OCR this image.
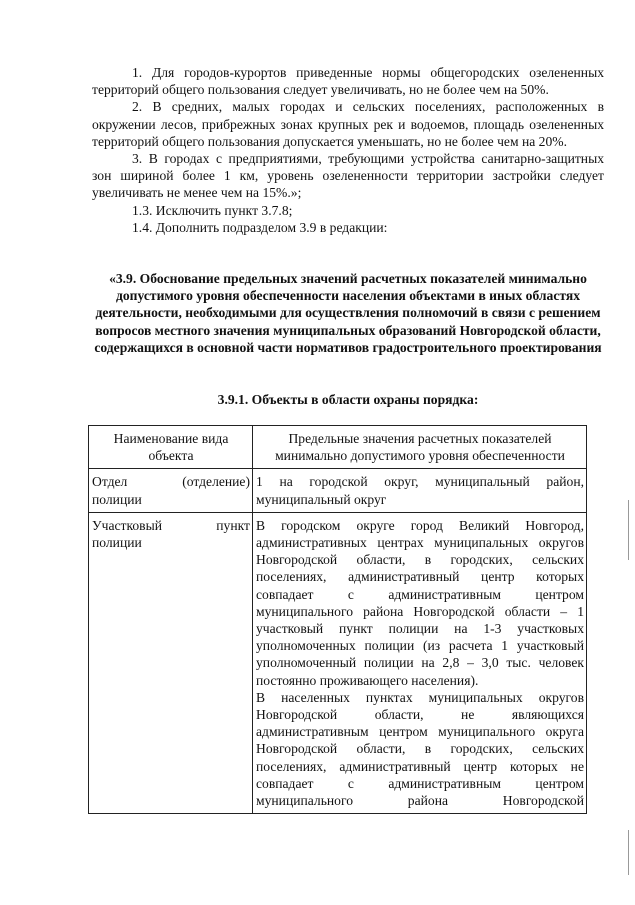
1. Для городов-курортов приведенные нормы общегородских озелененных территорий общего пользования следует увеличивать, но не более чем на 50%.

2. В средних, малых городах и сельских поселениях, расположенных в окружении лесов, прибрежных зонах крупных рек и водоемов, площадь озелененных территорий общего пользования допускается уменьшать, но не более чем на 20%.

3. В городах с предприятиями, требующими устройства санитарно-защитных зон шириной более 1 км, уровень озелененности территории застройки следует увеличивать не менее чем на 15%.»;

1.3. Исключить пункт 3.7.8;

1.4. Дополнить подразделом 3.9 в редакции:

«3.9. Обоснование предельных значений расчетных показателей минимально допустимого уровня обеспеченности населения объектами в иных областях деятельности, необходимыми для осуществления полномочий в связи с решением вопросов местного значения муниципальных образований Новгородской области, содержащихся в основной части нормативов градостроительного проектирования

3.9.1. Объекты в области охраны порядка:

Наименование вида объекта	Предельные значения расчетных показателей минимально допустимого уровня обеспеченности
Отдел (отделение) полиции	1 на городской округ, муниципальный район, муниципальный округ

Участковый пункт полиции	В городском округе город Великий Новгород, административных центрах муниципальных округов Новгородской области, в городских, сельских поселениях, административный центр которых совпадает с административным центром муниципального района Новгородской области – 1 участковый пункт полиции на 1-3 участковых уполномоченных полиции (из расчета 1 участковый уполномоченный полиции на 2,8 – 3,0 тыс. человек постоянно проживающего населения).

В населенных пунктах муниципальных округов Новгородской области, не являющихся административным центром муниципального округа Новгородской области, в городских, сельских поселениях, административный центр которых не совпадает с административным центром муниципального района Новгородской
